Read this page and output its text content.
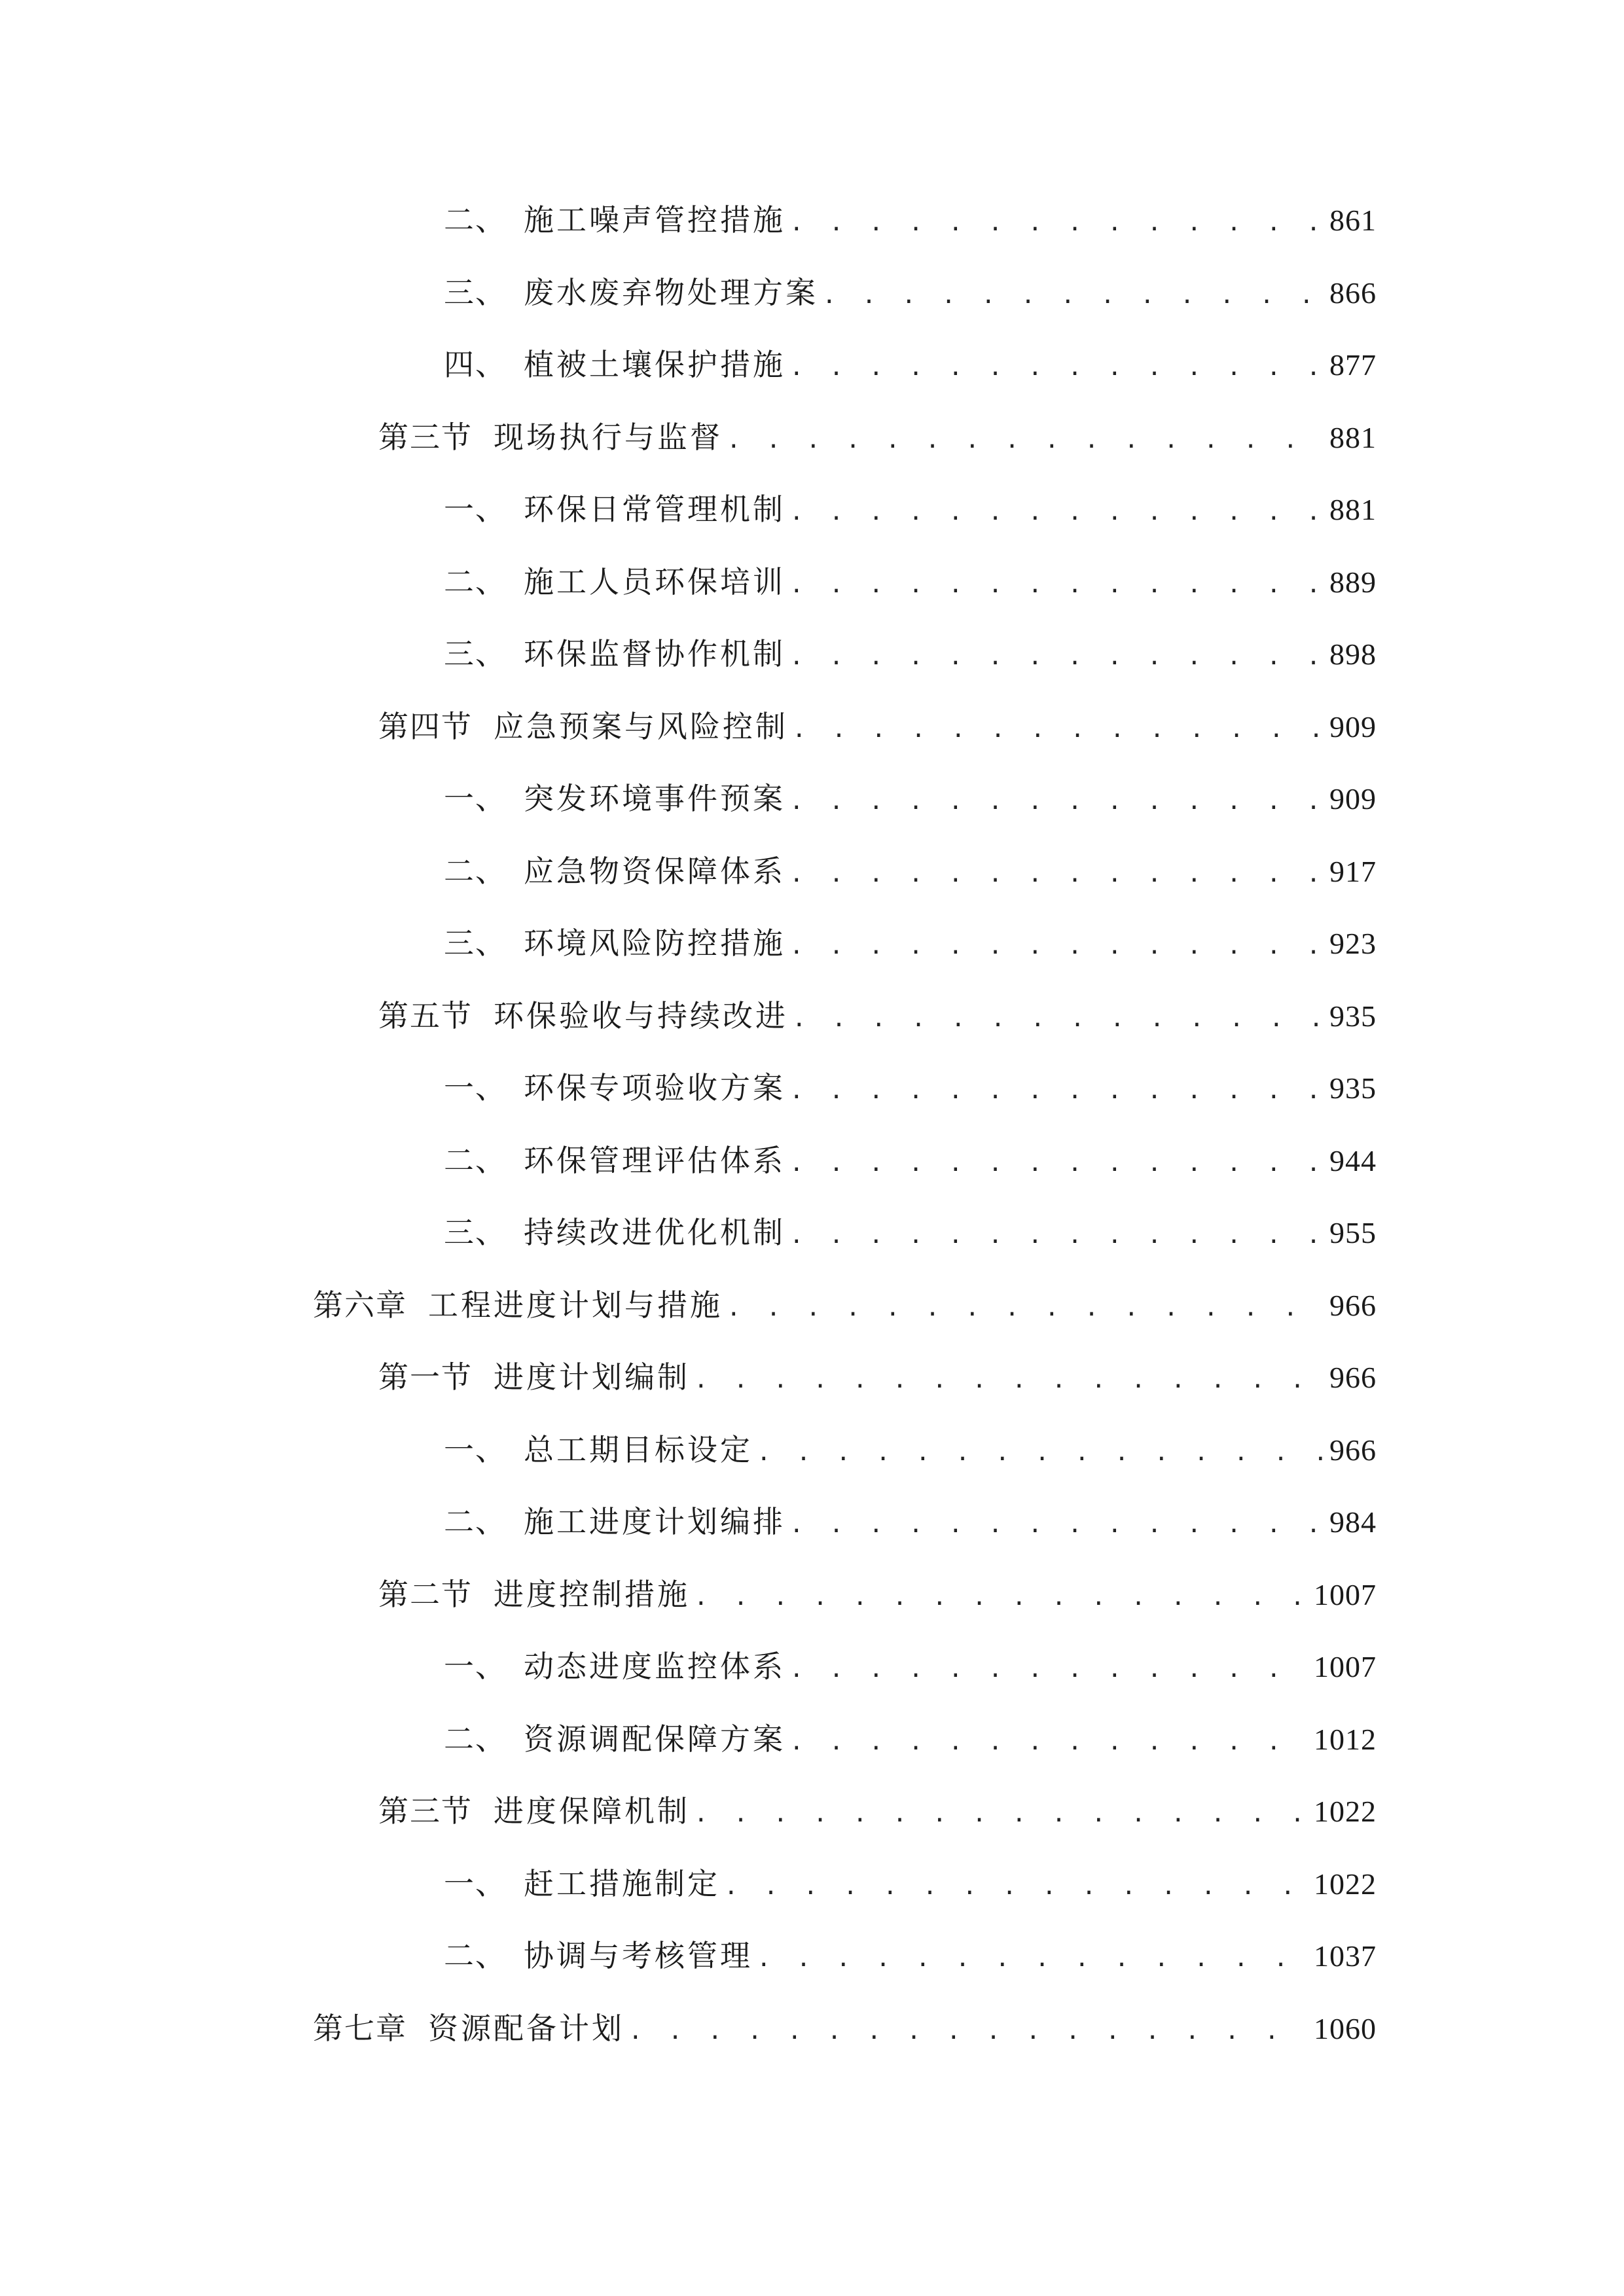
二、 施工噪声管控措施 . . .	861
三、 废水废弃物处理方案 . . .	866
四、 植被土壤保护措施 . . .	877
第三节 现场执行与监督 . . .	881
一、 环保日常管理机制 . . .	881
二、 施工人员环保培训 . . .	889
三、 环保监督协作机制 . . .	898
第四节 应急预案与风险控制 . . .	909
一、 突发环境事件预案 . . .	909
二、 应急物资保障体系 . . .	917
三、 环境风险防控措施 . . .	923
第五节 环保验收与持续改进 . . .	935
一、 环保专项验收方案 . . .	935
二、 环保管理评估体系 . . .	944
三、 持续改进优化机制 . . .	955
第六章 工程进度计划与措施 . . .	966
第一节 进度计划编制 . . .	966
一、 总工期目标设定 . . .	966
二、 施工进度计划编排 . . .	984
第二节 进度控制措施 . . .	1007
一、 动态进度监控体系 . . .	1007
二、 资源调配保障方案 . . .	1012
第三节 进度保障机制 . . .	1022
一、 赶工措施制定 . . .	1022
二、 协调与考核管理 . . .	1037
第七章 资源配备计划 . . .	1060
